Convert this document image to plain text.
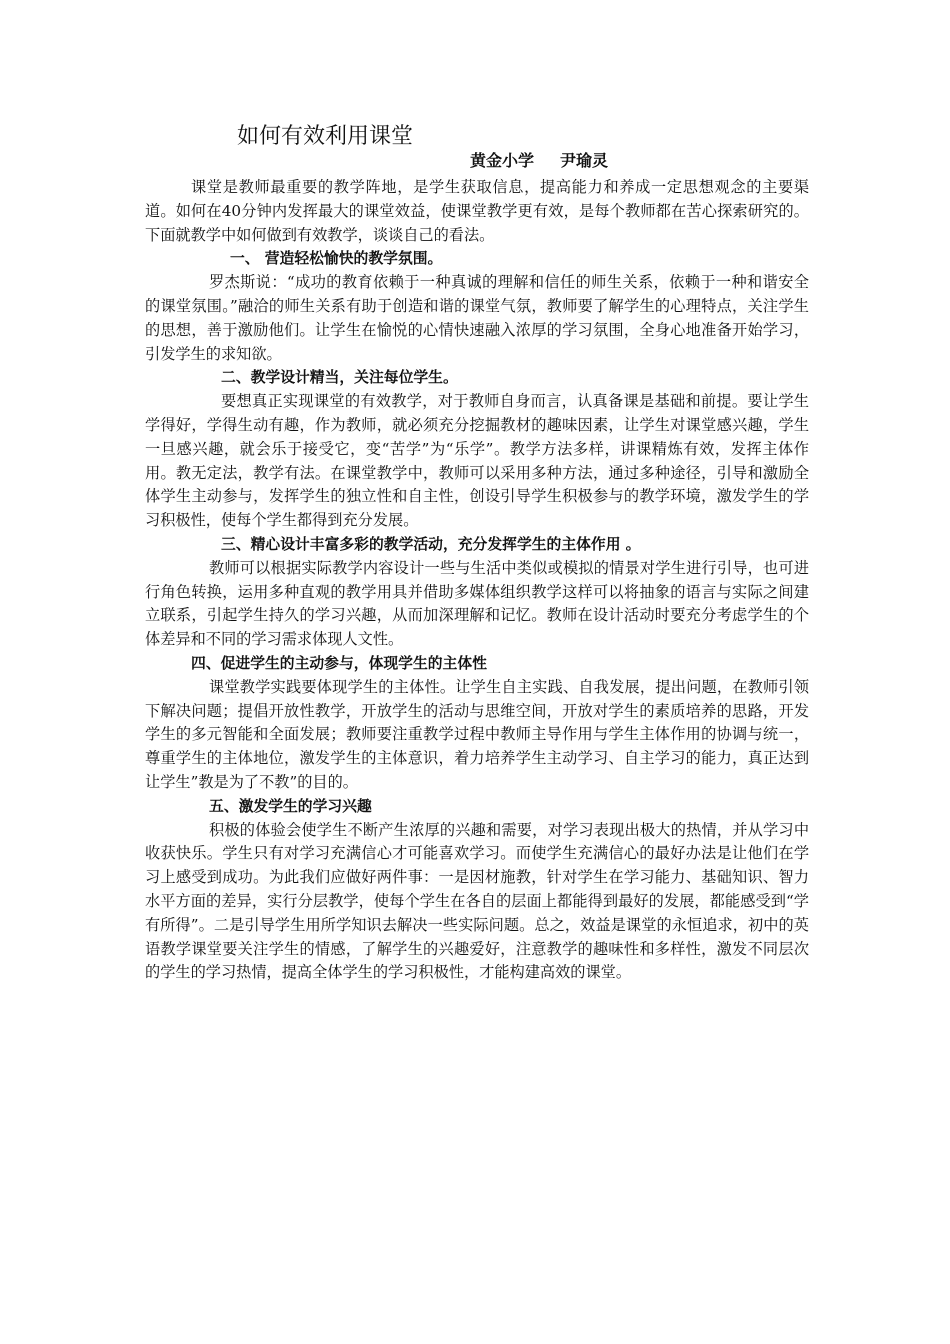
如何有效利用课堂
黄金小学 尹瑜灵

课堂是教师最重要的教学阵地，是学生获取信息，提高能力和养成一定思想观念的主要渠道。如何在40分钟内发挥最大的课堂效益，使课堂教学更有效，是每个教师都在苦心探索研究的。下面就教学中如何做到有效教学，谈谈自己的看法。

一、 营造轻松愉快的教学氛围。

罗杰斯说：“成功的教育依赖于一种真诚的理解和信任的师生关系，依赖于一种和谐安全的课堂氛围。”融洽的师生关系有助于创造和谐的课堂气氛，教师要了解学生的心理特点，关注学生的思想，善于激励他们。让学生在愉悦的心情快速融入浓厚的学习氛围，全身心地准备开始学习，引发学生的求知欲。

二、教学设计精当，关注每位学生。

要想真正实现课堂的有效教学，对于教师自身而言，认真备课是基础和前提。要让学生学得好，学得生动有趣，作为教师，就必须充分挖掘教材的趣味因素，让学生对课堂感兴趣，学生一旦感兴趣，就会乐于接受它，变“苦学”为“乐学”。教学方法多样，讲课精炼有效，发挥主体作用。教无定法，教学有法。在课堂教学中，教师可以采用多种方法，通过多种途径，引导和激励全体学生主动参与，发挥学生的独立性和自主性，创设引导学生积极参与的教学环境，激发学生的学习积极性，使每个学生都得到充分发展。

三、精心设计丰富多彩的教学活动，充分发挥学生的主体作用 。

教师可以根据实际教学内容设计一些与生活中类似或模拟的情景对学生进行引导，也可进行角色转换，运用多种直观的教学用具并借助多媒体组织教学这样可以将抽象的语言与实际之间建立联系，引起学生持久的学习兴趣，从而加深理解和记忆。教师在设计活动时要充分考虑学生的个体差异和不同的学习需求体现人文性。

四、促进学生的主动参与，体现学生的主体性

课堂教学实践要体现学生的主体性。让学生自主实践、自我发展，提出问题，在教师引领下解决问题；提倡开放性教学，开放学生的活动与思维空间，开放对学生的素质培养的思路，开发学生的多元智能和全面发展；教师要注重教学过程中教师主导作用与学生主体作用的协调与统一，尊重学生的主体地位，激发学生的主体意识，着力培养学生主动学习、自主学习的能力，真正达到让学生”教是为了不教”的目的。

五、激发学生的学习兴趣

积极的体验会使学生不断产生浓厚的兴趣和需要，对学习表现出极大的热情，并从学习中收获快乐。学生只有对学习充满信心才可能喜欢学习。而使学生充满信心的最好办法是让他们在学习上感受到成功。为此我们应做好两件事：一是因材施教，针对学生在学习能力、基础知识、智力水平方面的差异，实行分层教学，使每个学生在各自的层面上都能得到最好的发展，都能感受到“学有所得”。二是引导学生用所学知识去解决一些实际问题。总之，效益是课堂的永恒追求，初中的英语教学课堂要关注学生的情感，了解学生的兴趣爱好，注意教学的趣味性和多样性，激发不同层次的学生的学习热情，提高全体学生的学习积极性，才能构建高效的课堂。
